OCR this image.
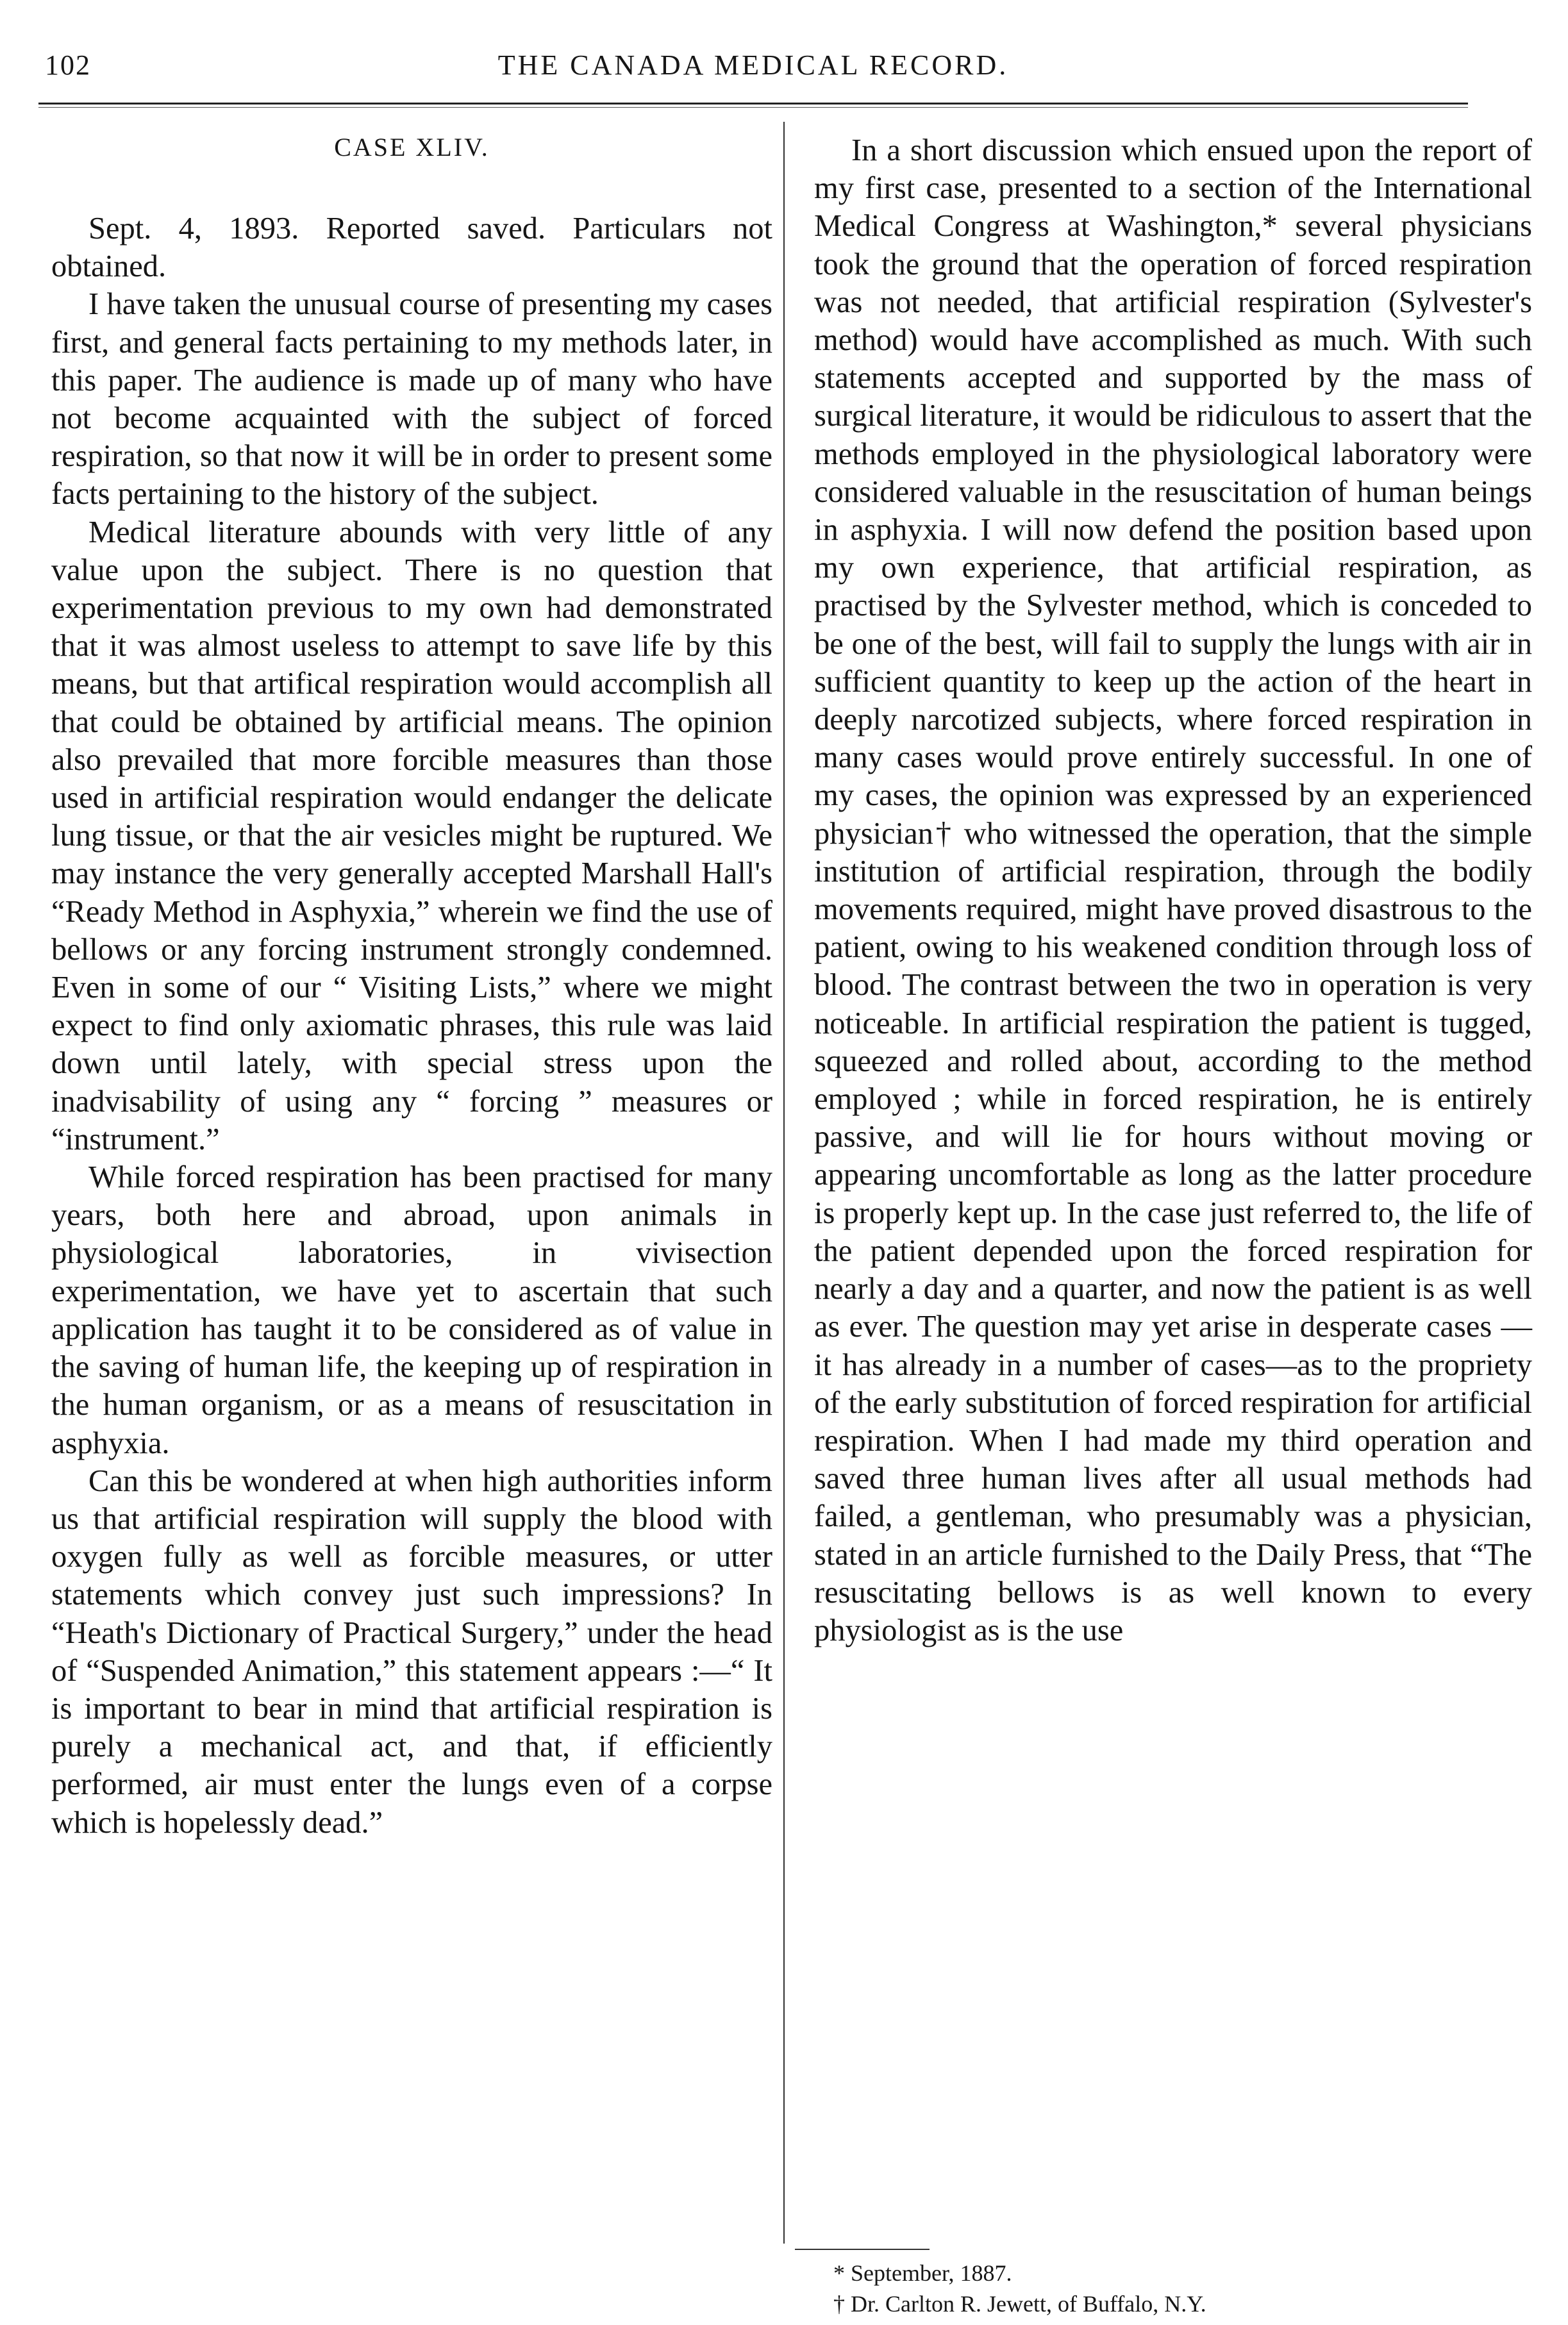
102	THE CANADA MEDICAL RECORD.
CASE XLIV.

Sept. 4, 1893. Reported saved. Particulars not obtained.

I have taken the unusual course of presenting my cases first, and general facts pertaining to my methods later, in this paper. The audience is made up of many who have not become acquainted with the subject of forced respiration, so that now it will be in order to present some facts pertaining to the history of the subject.

Medical literature abounds with very little of any value upon the subject. There is no question that experimentation previous to my own had demonstrated that it was almost useless to attempt to save life by this means, but that artifical respiration would accomplish all that could be obtained by artificial means. The opinion also prevailed that more forcible measures than those used in artificial respiration would endanger the delicate lung tissue, or that the air vesicles might be ruptured. We may instance the very generally accepted Marshall Hall's “Ready Method in Asphyxia,” wherein we find the use of bellows or any forcing instrument strongly condemned. Even in some of our “ Visiting Lists,” where we might expect to find only axiomatic phrases, this rule was laid down until lately, with special stress upon the inadvisability of using any “ forcing ” measures or “instrument.”

While forced respiration has been practised for many years, both here and abroad, upon animals in physiological laboratories, in vivisection experimentation, we have yet to ascertain that such application has taught it to be considered as of value in the saving of human life, the keeping up of respiration in the human organism, or as a means of resuscitation in asphyxia.

Can this be wondered at when high authorities inform us that artificial respiration will supply the blood with oxygen fully as well as forcible measures, or utter statements which convey just such impressions? In “Heath's Dictionary of Practical Surgery,” under the head of “Suspended Animation,” this statement appears :—“ It is important to bear in mind that artificial respiration is purely a mechanical act, and that, if efficiently performed, air must enter the lungs even of a corpse which is hopelessly dead.”

In a short discussion which ensued upon the report of my first case, presented to a section of the International Medical Congress at Washington,* several physicians took the ground that the operation of forced respiration was not needed, that artificial respiration (Sylvester's method) would have accomplished as much. With such statements accepted and supported by the mass of surgical literature, it would be ridiculous to assert that the methods employed in the physiological laboratory were considered valuable in the resuscitation of human beings in asphyxia. I will now defend the position based upon my own experience, that artificial respiration, as practised by the Sylvester method, which is conceded to be one of the best, will fail to supply the lungs with air in sufficient quantity to keep up the action of the heart in deeply narcotized subjects, where forced respiration in many cases would prove entirely successful. In one of my cases, the opinion was expressed by an experienced physician† who witnessed the operation, that the simple institution of artificial respiration, through the bodily movements required, might have proved disastrous to the patient, owing to his weakened condition through loss of blood. The contrast between the two in operation is very noticeable. In artificial respiration the patient is tugged, squeezed and rolled about, according to the method employed ; while in forced respiration, he is entirely passive, and will lie for hours without moving or appearing uncomfortable as long as the latter procedure is properly kept up. In the case just referred to, the life of the patient depended upon the forced respiration for nearly a day and a quarter, and now the patient is as well as ever. The question may yet arise in desperate cases —it has already in a number of cases—as to the propriety of the early substitution of forced respiration for artificial respiration. When I had made my third operation and saved three human lives after all usual methods had failed, a gentleman, who presumably was a physician, stated in an article furnished to the Daily Press, that “The resuscitating bellows is as well known to every physiologist as is the use

* September, 1887.
† Dr. Carlton R. Jewett, of Buffalo, N.Y.
